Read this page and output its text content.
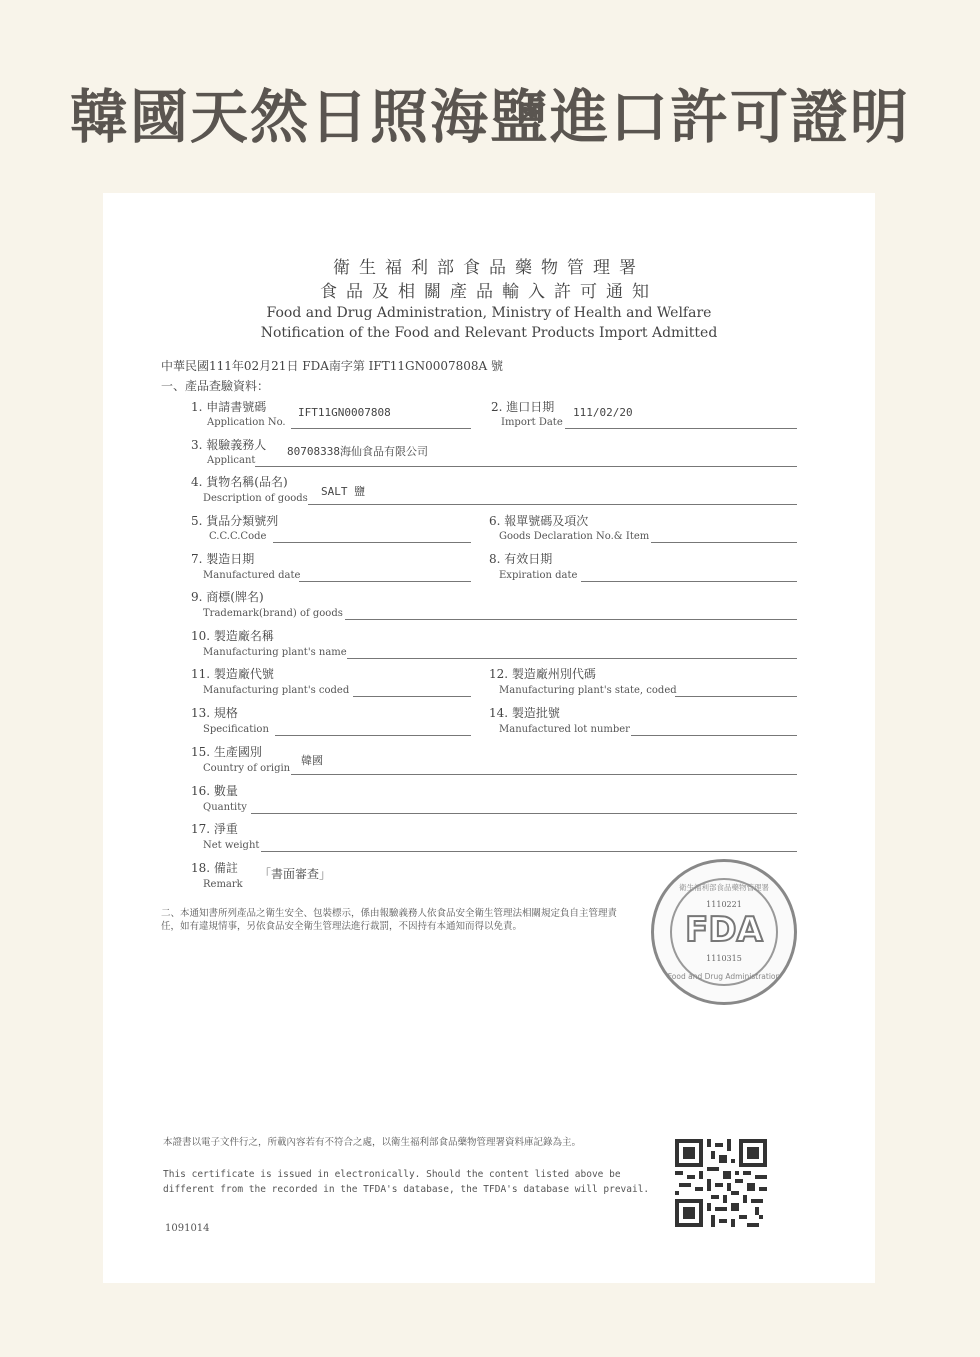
韓國天然日照海鹽進口許可證明
衛生福利部食品藥物管理署
食品及相關產品輸入許可通知
Food and Drug Administration, Ministry of Health and Welfare
Notification of the Food and Relevant Products Import Admitted
中華民國111年02月21日 FDA南字第 IFT11GN0007808A 號
一、產品查驗資料：
1. 申請書號碼
Application No.
IFT11GN0007808	2. 進口日期
Import Date
111/02/20
3. 報驗義務人
Applicant
80708338海仙食品有限公司
4. 貨物名稱(品名)
Description of goods
SALT 鹽
5. 貨品分類號列
C.C.C.Code
6. 報單號碼及項次
Goods Declaration No.& Item
7. 製造日期
Manufactured date
8. 有效日期
Expiration date
9. 商標(牌名)
Trademark(brand) of goods
10. 製造廠名稱
Manufacturing plant's name
11. 製造廠代號
Manufacturing plant's coded
12. 製造廠州別代碼
Manufacturing plant's state, coded
13. 規格
Specification
14. 製造批號
Manufactured lot number
15. 生產國別
Country of origin
韓國
16. 數量
Quantity
17. 淨重
Net weight
18. 備註
Remark
「書面審查」
二、本通知書所列產品之衛生安全、包裝標示，係由報驗義務人依食品安全衛生管理法相關規定負自主管理責任，如有違規情事，另依食品安全衛生管理法進行裁罰，不因持有本通知而得以免責。
衛生福利部食品藥物管理署
1110221
FDA
1110315
Food and Drug Administration
本證書以電子文件行之，所載內容若有不符合之處，以衛生福利部食品藥物管理署資料庫記錄為主。
This certificate is issued in electronically. Should the content listed above be different from the recorded in the TFDA's database, the TFDA's database will prevail.
1091014
